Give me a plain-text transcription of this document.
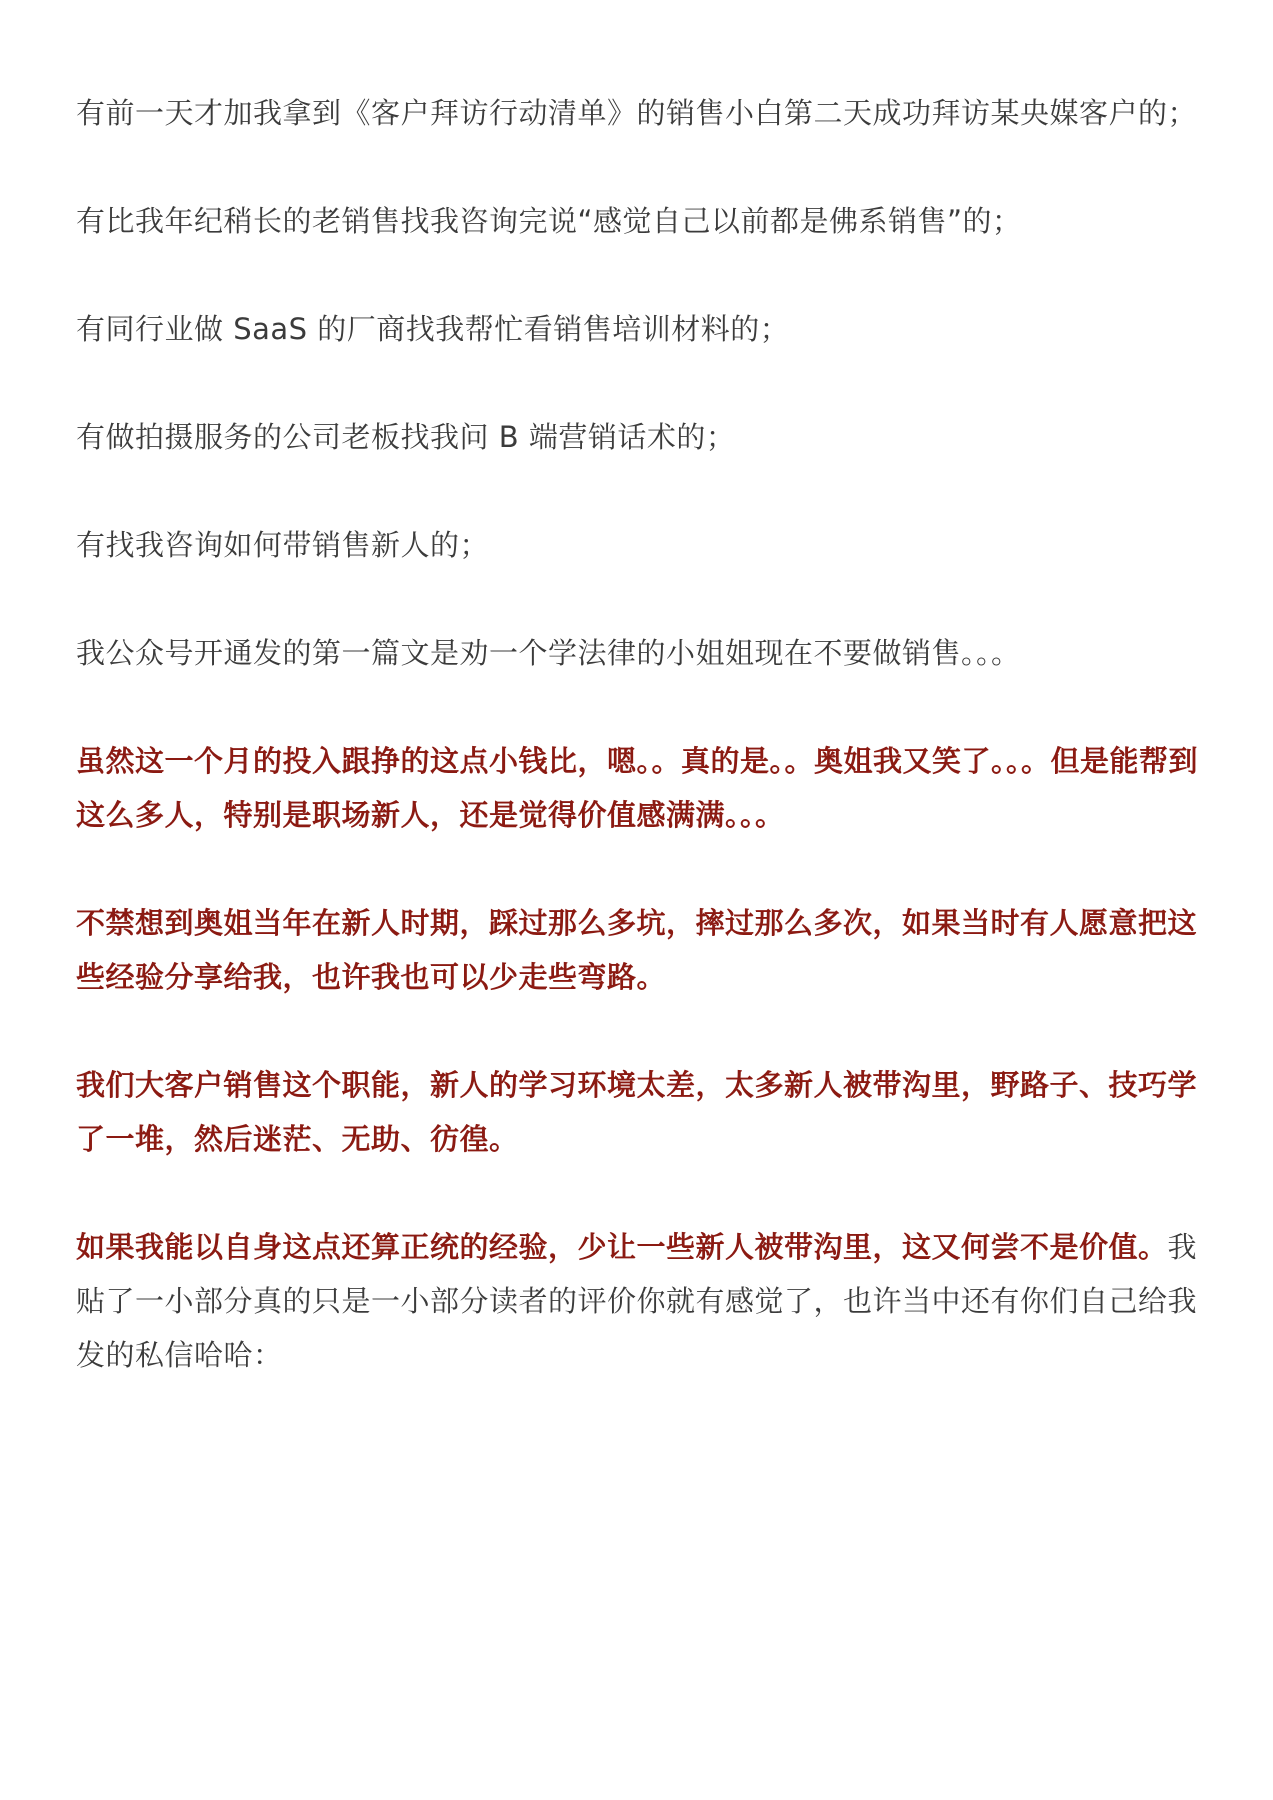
有前一天才加我拿到《客户拜访行动清单》的销售小白第二天成功拜访某央媒客户的；

有比我年纪稍长的老销售找我咨询完说“感觉自己以前都是佛系销售”的；

有同行业做 SaaS 的厂商找我帮忙看销售培训材料的；

有做拍摄服务的公司老板找我问 B 端营销话术的；

有找我咨询如何带销售新人的；

我公众号开通发的第一篇文是劝一个学法律的小姐姐现在不要做销售。。。

虽然这一个月的投入跟挣的这点小钱比，嗯。。真的是。。奥姐我又笑了。。。但是能帮到这么多人，特别是职场新人，还是觉得价值感满满。。。

不禁想到奥姐当年在新人时期，踩过那么多坑，摔过那么多次，如果当时有人愿意把这些经验分享给我，也许我也可以少走些弯路。

我们大客户销售这个职能，新人的学习环境太差，太多新人被带沟里，野路子、技巧学了一堆，然后迷茫、无助、彷徨。

如果我能以自身这点还算正统的经验，少让一些新人被带沟里，这又何尝不是价值。我贴了一小部分真的只是一小部分读者的评价你就有感觉了，也许当中还有你们自己给我发的私信哈哈：
